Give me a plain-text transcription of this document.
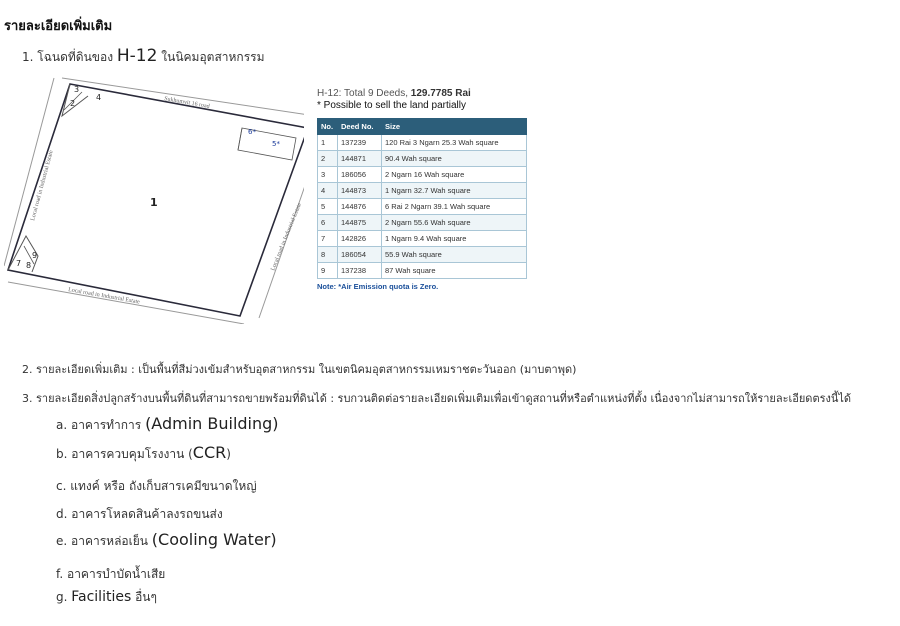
รายละเอียดเพิ่มเติม
1. โฉนดที่ดินของ H-12 ในนิคมอุตสาหกรรม
Sukhumvit 16 road
Local road in Industrial Estate
Local road in Industrial Estate
Local road in Industrial Estate
1
2
3
4
5*
6*
7 8
9
H-12: Total 9 Deeds, 129.7785 Rai
* Possible to sell the land partially
No.	Deed No.	Size
1	137239	120 Rai 3 Ngarn 25.3 Wah square
2	144871	90.4 Wah square
3	186056	2 Ngarn 16 Wah square
4	144873	1 Ngarn 32.7 Wah square
5	144876	6 Rai 2 Ngarn 39.1 Wah square
6	144875	2 Ngarn 55.6 Wah square
7	142826	1 Ngarn 9.4 Wah square
8	186054	55.9 Wah square
9	137238	87 Wah square
Note: *Air Emission quota is Zero.
2. รายละเอียดเพิ่มเติม : เป็นพื้นที่สีม่วงเข้มสำหรับอุตสาหกรรม ในเขตนิคมอุตสาหกรรมเหมราชตะวันออก (มาบตาพุด)
3. รายละเอียดสิ่งปลูกสร้างบนพื้นที่ดินที่สามารถขายพร้อมที่ดินได้ : รบกวนติดต่อรายละเอียดเพิ่มเติมเพื่อเข้าดูสถานที่หรือตำแหน่งที่ตั้ง เนื่องจากไม่สามารถให้รายละเอียดตรงนี้ได้
a. อาคารทำการ (Admin Building)
b. อาคารควบคุมโรงงาน (CCR)
c. แทงค์ หรือ ถังเก็บสารเคมีขนาดใหญ่
d. อาคารโหลดสินค้าลงรถขนส่ง
e. อาคารหล่อเย็น (Cooling Water)
f. อาคารบำบัดน้ำเสีย
g. Facilities อื่นๆ
